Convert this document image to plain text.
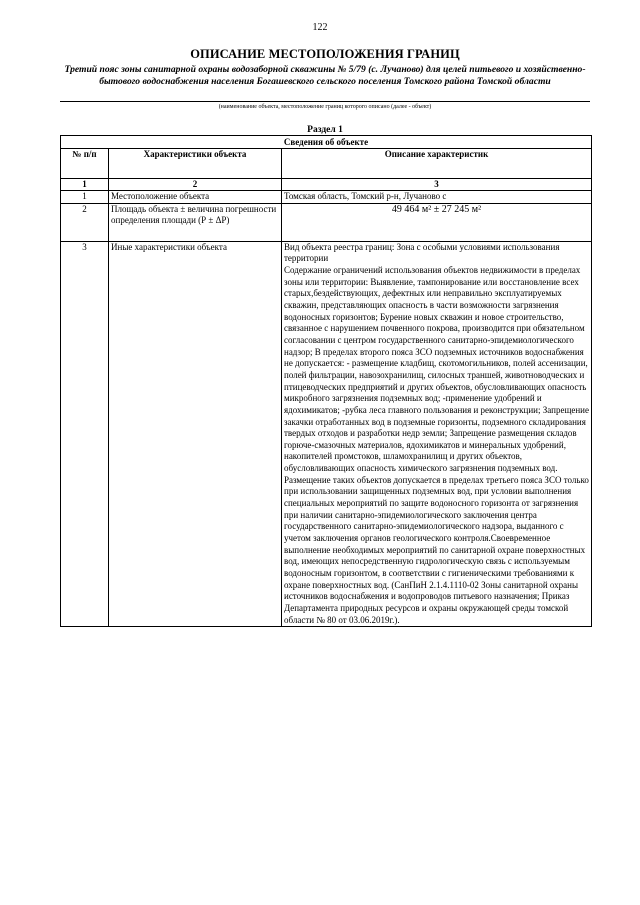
122
ОПИСАНИЕ МЕСТОПОЛОЖЕНИЯ ГРАНИЦ
Третий пояс зоны санитарной охраны водозаборной скважины № 5/79 (с. Лучаново) для целей питьевого и хозяйственно-бытового водоснабжения населения Богашевского сельского поселения Томского района Томской области
(наименование объекта, местоположение границ которого описано (далее - объект)
Раздел 1
Сведения об объекте		
№ п/п	Характеристики объекта	Описание характеристик
1	2	3
1	Местоположение объекта	Томская область, Томский р-н, Лучаново с
2	Площадь объекта ± величина погрешности определения площади (Р ± ΔР)	49 464 м² ± 27 245 м²
3	Иные характеристики объекта	Вид объекта реестра границ: Зона с особыми условиями использования территории

Содержание ограничений использования объектов недвижимости в пределах зоны или территории: Выявление, тампонирование или восстановление всех старых,бездействующих, дефектных или неправильно эксплуатируемых скважин, представляющих опасность в части возможности загрязнения водоносных горизонтов; Бурение новых скважин и новое строительство, связанное с нарушением почвенного покрова, производится при обязательном согласовании с центром государственного санитарно-эпидемиологического надзор; В пределах второго пояса ЗСО подземных источников водоснабжения не допускается: - размещение кладбищ, скотомогильников, полей ассенизации, полей фильтрации, навозохранилищ, силосных траншей, животноводческих и птицеводческих предприятий и других объектов, обусловливающих опасность микробного загрязнения подземных вод; -применение удобрений и ядохимикатов; -рубка леса главного пользования и реконструкции; Запрещение закачки отработанных вод в подземные горизонты, подземного складирования твердых отходов и разработки недр земли; Запрещение размещения складов горюче-смазочных материалов, ядохимикатов и минеральных удобрений, накопителей промстоков, шламохранилищ и других объектов, обусловливающих опасность химического загрязнения подземных вод. Размещение таких объектов допускается в пределах третьего пояса ЗСО только при использовании защищенных подземных вод, при условии выполнения специальных мероприятий по защите водоносного горизонта от загрязнения при наличии санитарно-эпидемиологического заключения центра государственного санитарно-эпидемиологического надзора, выданного с учетом заключения органов геологического контроля.Своевременное выполнение необходимых мероприятий по санитарной охране поверхностных вод, имеющих непосредственную гидрологическую связь с используемым водоносным горизонтом, в соответствии с гигиеническими требованиями к охране поверхностных вод. (СанПиН 2.1.4.1110-02 Зоны санитарной охраны источников водоснабжения и водопроводов питьевого назначения; Приказ Департамента природных ресурсов и охраны окружающей среды томской области № 80 от 03.06.2019г.).
